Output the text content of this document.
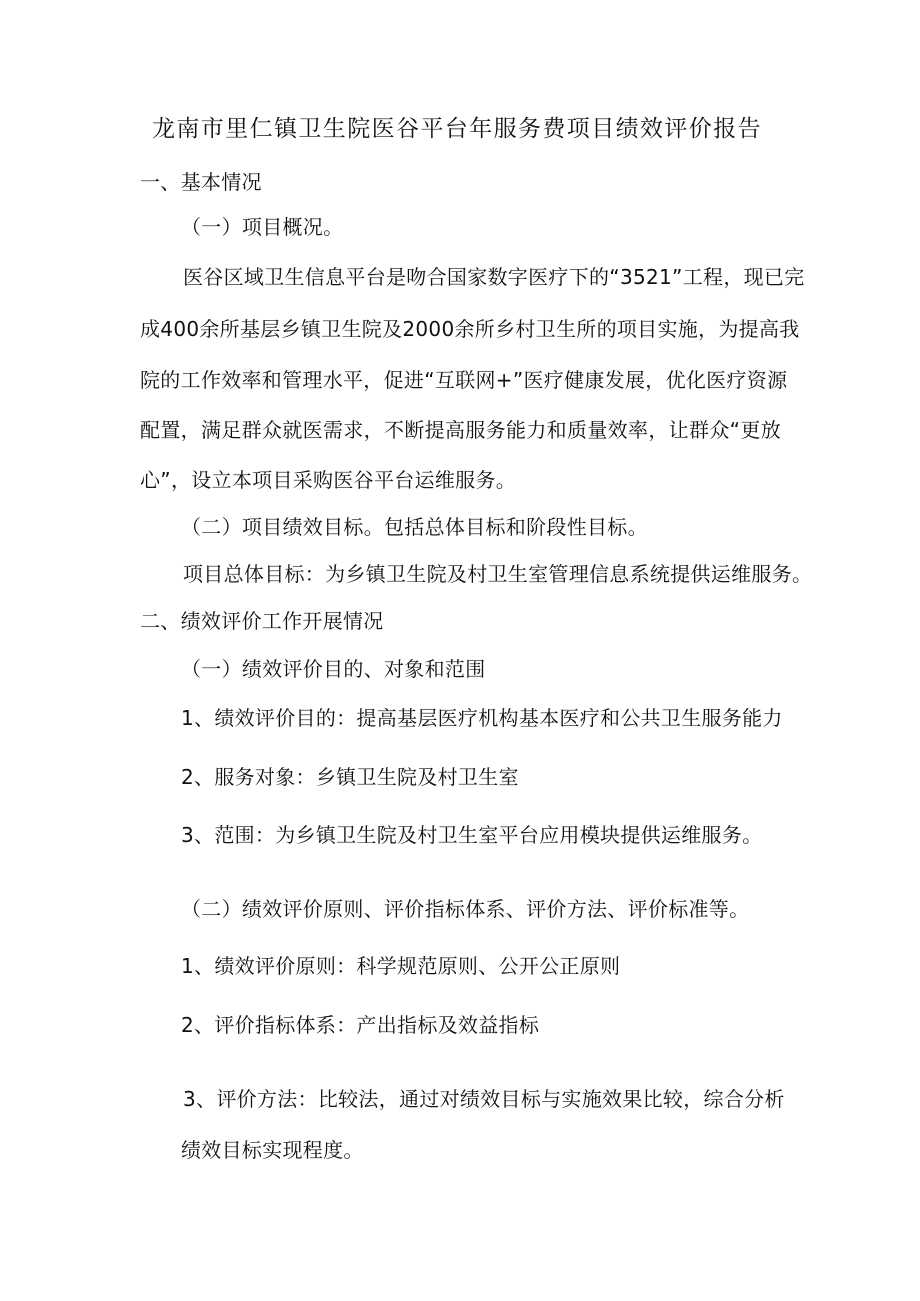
龙南市里仁镇卫生院医谷平台年服务费项目绩效评价报告
一、基本情况
（一）项目概况。
医谷区域卫生信息平台是吻合国家数字医疗下的“3521”工程，现已完
成400余所基层乡镇卫生院及2000余所乡村卫生所的项目实施，为提高我
院的工作效率和管理水平，促进“互联网+”医疗健康发展，优化医疗资源
配置，满足群众就医需求，不断提高服务能力和质量效率，让群众“更放
心”，设立本项目采购医谷平台运维服务。
（二）项目绩效目标。包括总体目标和阶段性目标。
项目总体目标：为乡镇卫生院及村卫生室管理信息系统提供运维服务。
二、绩效评价工作开展情况
（一）绩效评价目的、对象和范围
1、绩效评价目的：提高基层医疗机构基本医疗和公共卫生服务能力
2、服务对象：乡镇卫生院及村卫生室
3、范围：为乡镇卫生院及村卫生室平台应用模块提供运维服务。
（二）绩效评价原则、评价指标体系、评价方法、评价标准等。
1、绩效评价原则：科学规范原则、公开公正原则
2、评价指标体系：产出指标及效益指标
3、评价方法：比较法，通过对绩效目标与实施效果比较，综合分析
绩效目标实现程度。
